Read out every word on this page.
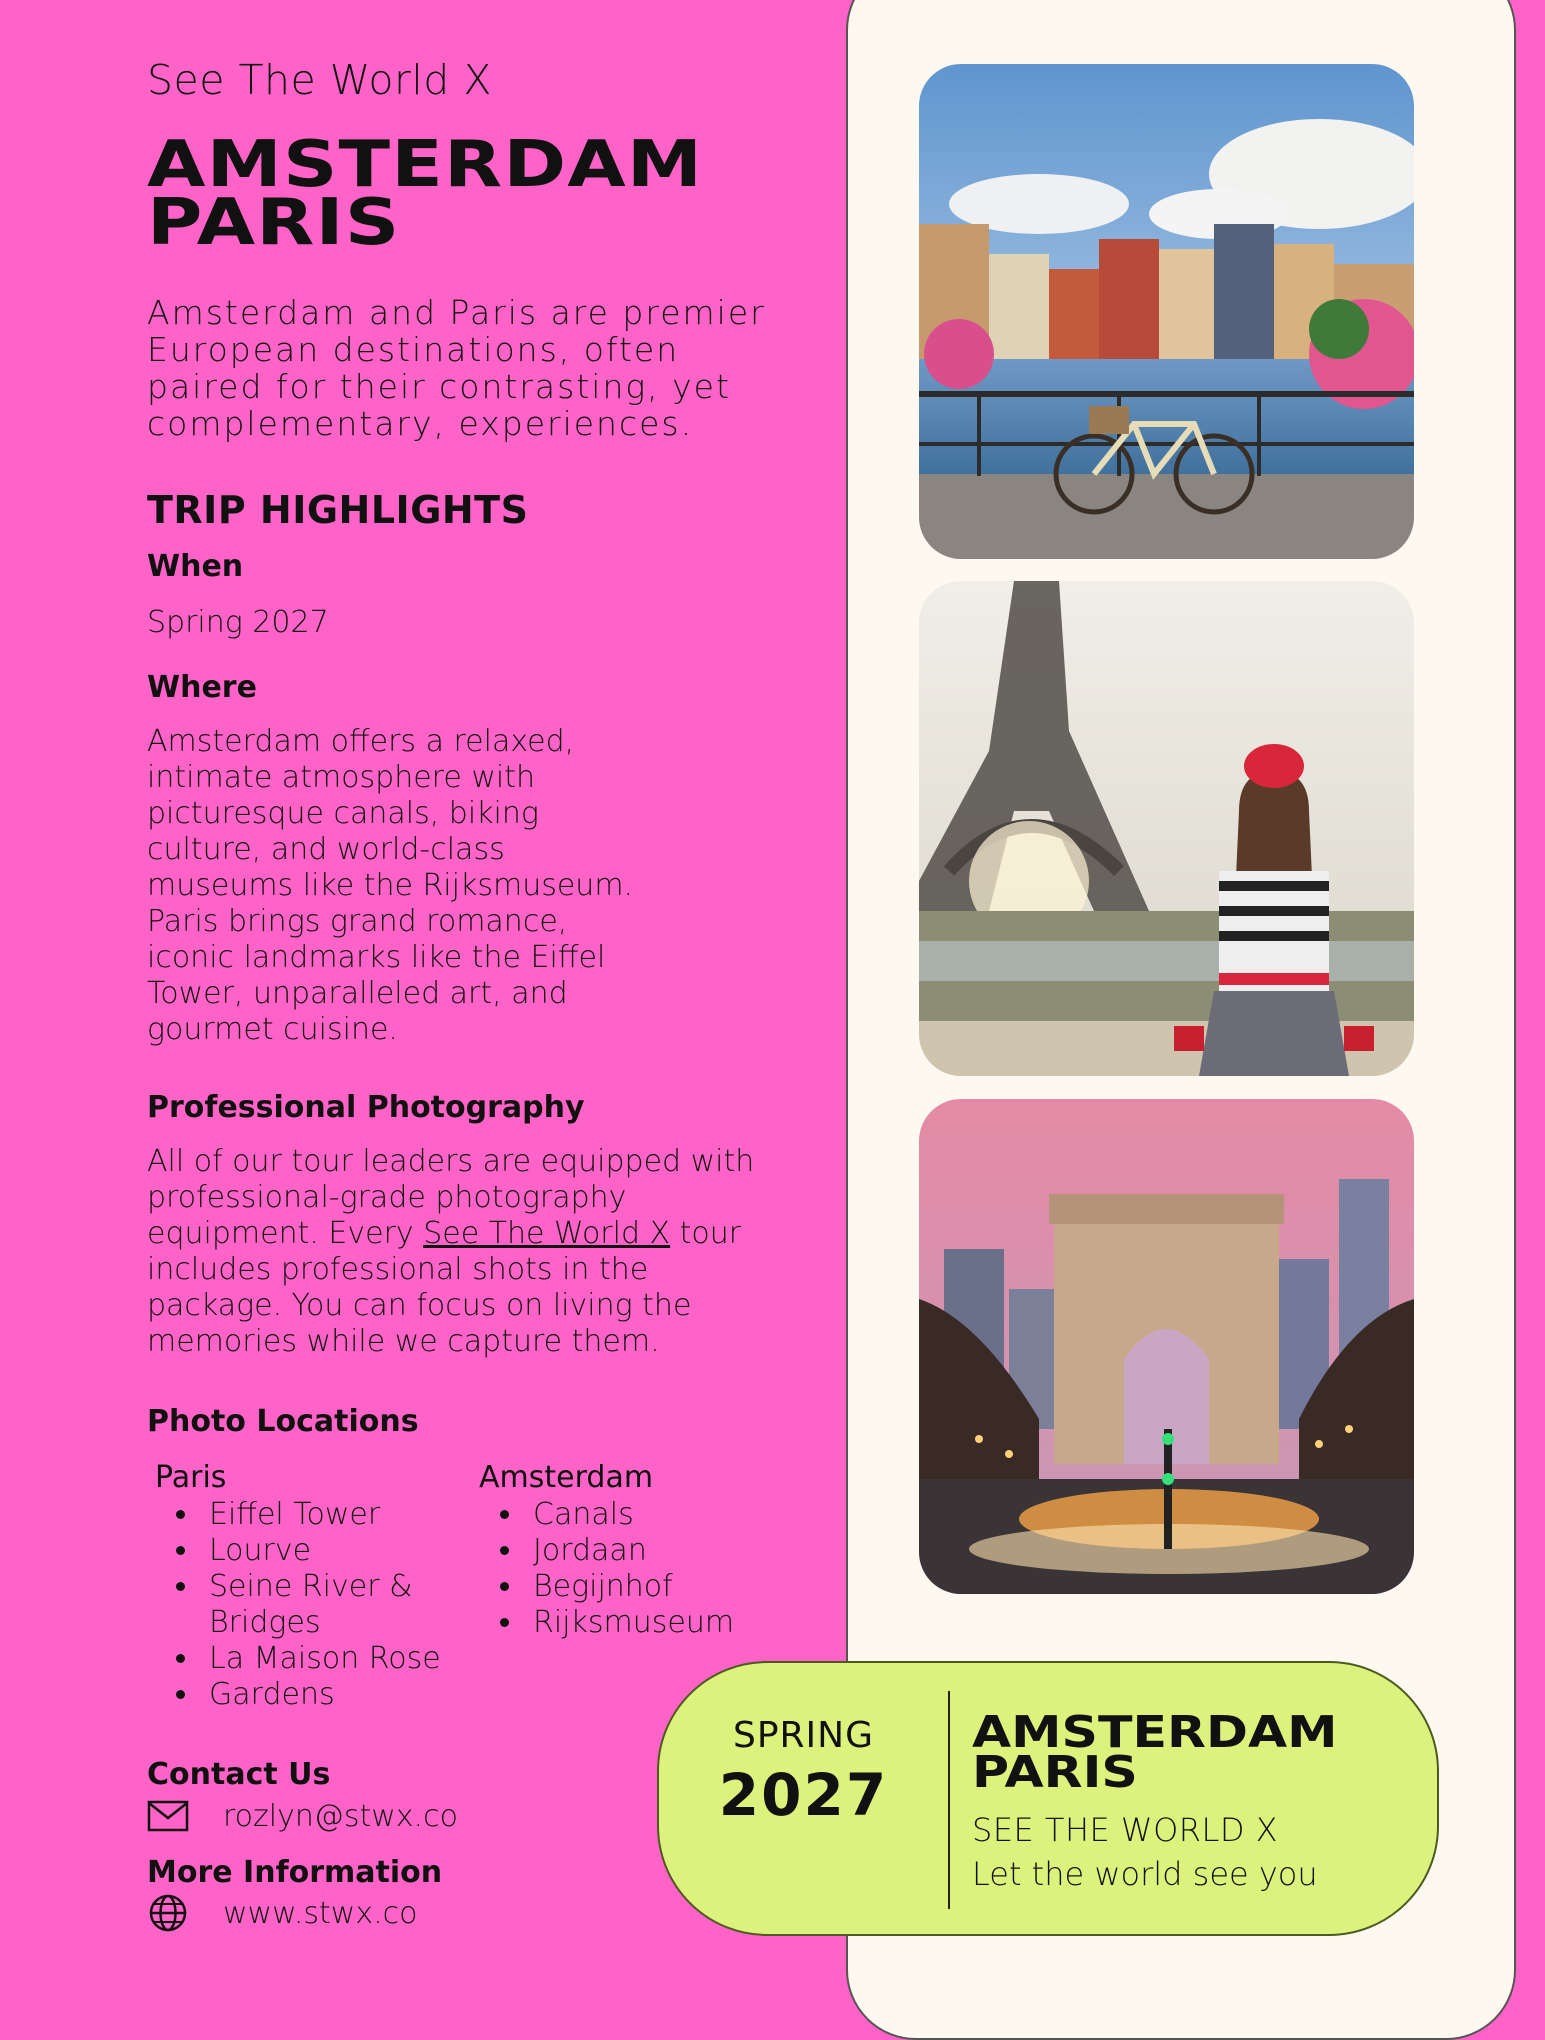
See The World X
AMSTERDAM
PARIS
Amsterdam and Paris are premier European destinations, often paired for their contrasting, yet complementary, experiences.
TRIP HIGHLIGHTS
When
Spring 2027
Where
Amsterdam offers a relaxed, intimate atmosphere with picturesque canals, biking culture, and world-class museums like the Rijksmuseum. Paris brings grand romance, iconic landmarks like the Eiffel Tower, unparalleled art, and gourmet cuisine.
Professional Photography
All of our tour leaders are equipped with professional-grade photography equipment. Every See The World X tour includes professional shots in the package. You can focus on living the memories while we capture them.
Photo Locations
Paris
• Eiffel Tower
• Lourve
• Seine River & Bridges
• La Maison Rose
• Gardens
Amsterdam
• Canals
• Jordaan
• Begijnhof
• Rijksmuseum
Contact Us
rozlyn@stwx.co
More Information
www.stwx.co
SPRING
2027
AMSTERDAM
PARIS
SEE THE WORLD X
Let the world see you
